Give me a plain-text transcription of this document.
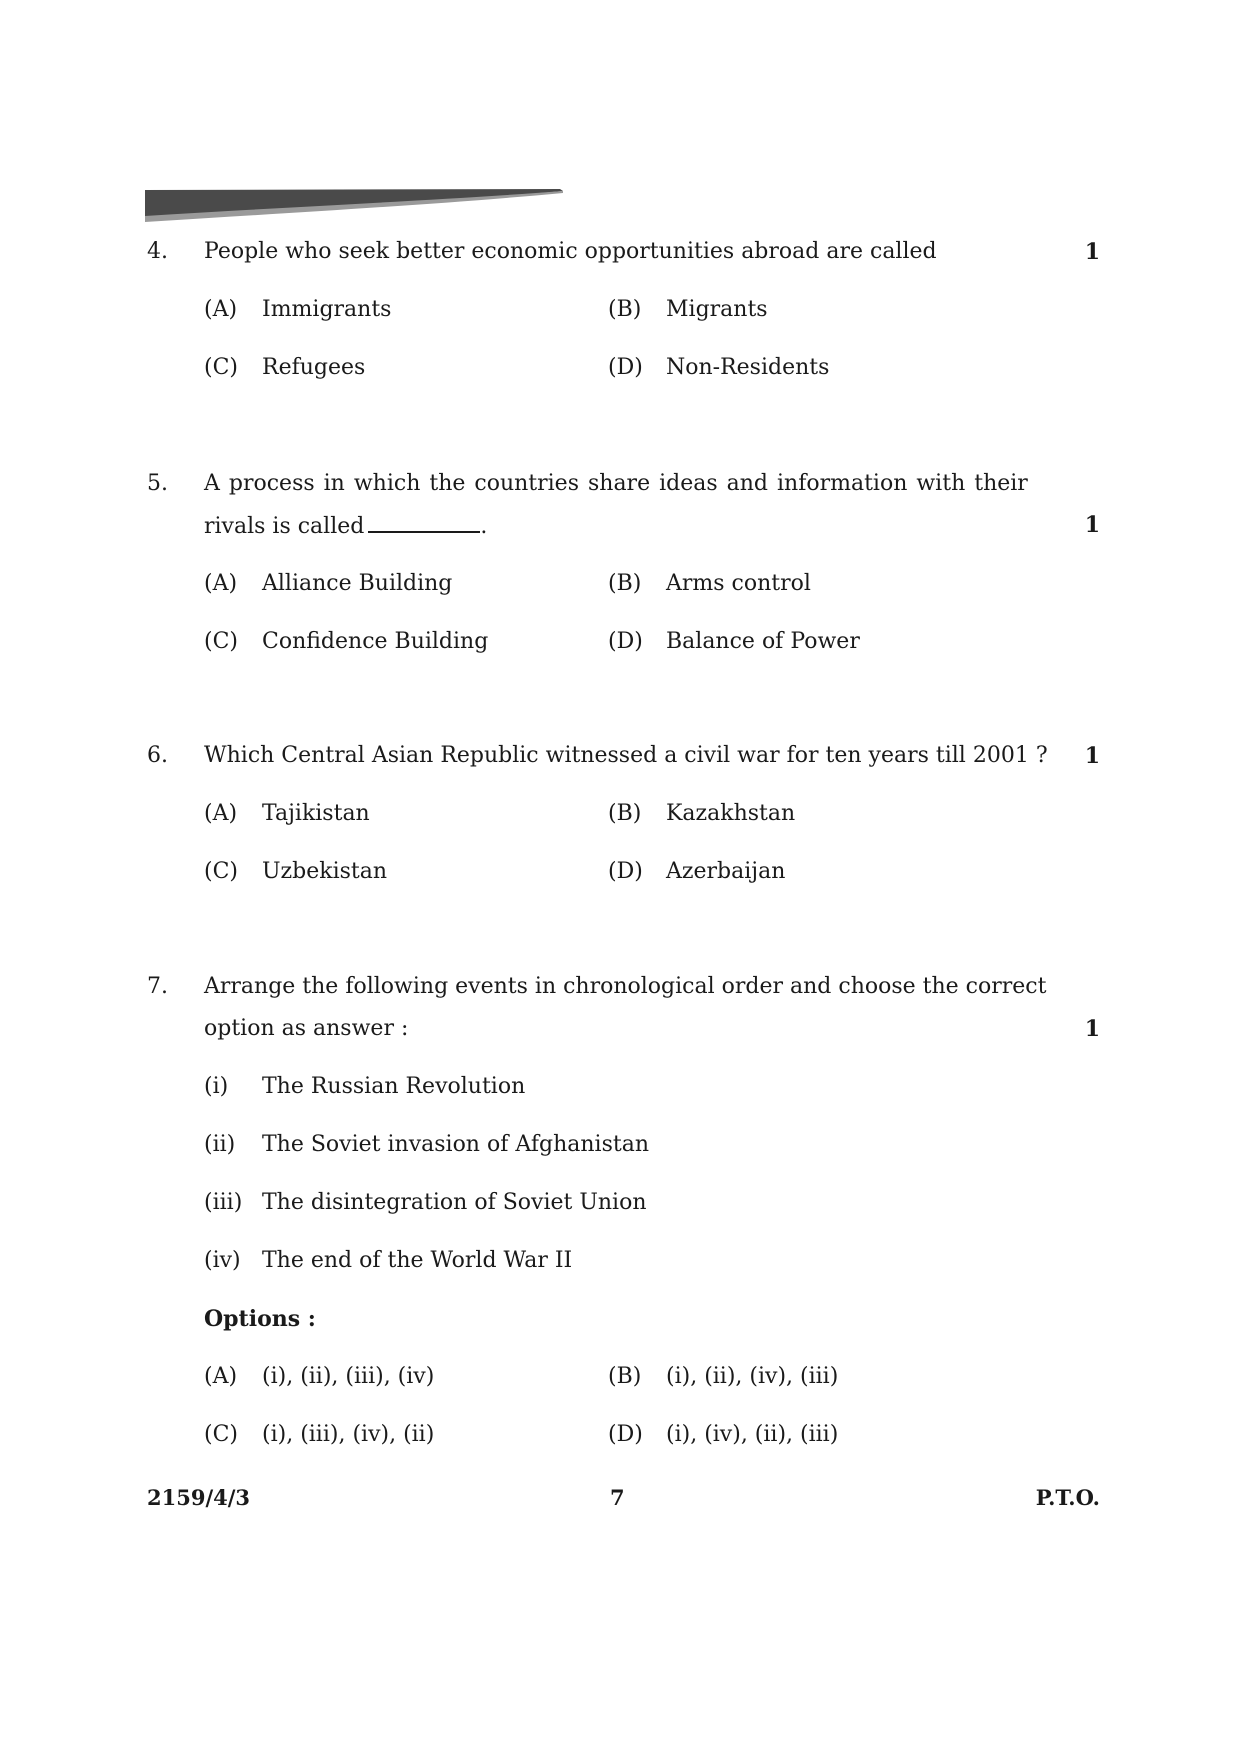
4. People who seek better economic opportunities abroad are called	1
(A) Immigrants	(B) Migrants
(C) Refugees	(D) Non-Residents
5. A process in which the countries share ideas and information with their
rivals is called	.	1
(A) Alliance Building	(B) Arms control
(C) Confidence Building	(D) Balance of Power
6. Which Central Asian Republic witnessed a civil war for ten years till 2001 ?	1
(A) Tajikistan	(B) Kazakhstan
(C) Uzbekistan	(D) Azerbaijan
7. Arrange the following events in chronological order and choose the correct
option as answer :	1
(i) The Russian Revolution
(ii) The Soviet invasion of Afghanistan
(iii) The disintegration of Soviet Union
(iv) The end of the World War II
Options :
(A) (i), (ii), (iii), (iv)	(B) (i), (ii), (iv), (iii)
(C) (i), (iii), (iv), (ii)	(D) (i), (iv), (ii), (iii)
2159/4/3	7	P.T.O.
